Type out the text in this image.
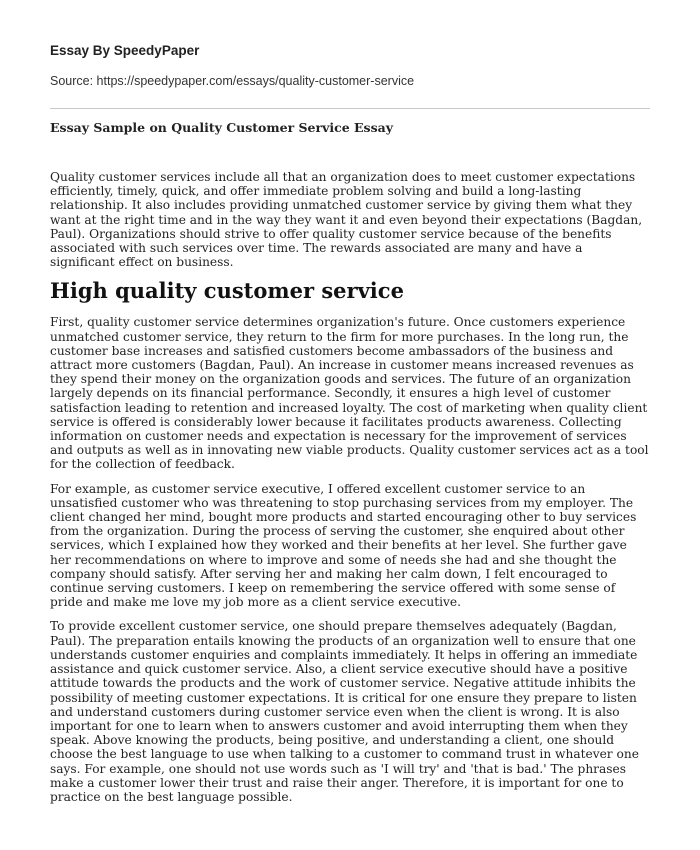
Essay By SpeedyPaper
Source: https://speedypaper.com/essays/quality-customer-service
Essay Sample on Quality Customer Service Essay

Quality customer services include all that an organization does to meet customer expectations efficiently, timely, quick, and offer immediate problem solving and build a long-lasting relationship. It also includes providing unmatched customer service by giving them what they want at the right time and in the way they want it and even beyond their expectations (Bagdan, Paul). Organizations should strive to offer quality customer service because of the benefits associated with such services over time. The rewards associated are many and have a significant effect on business.

High quality customer service

First, quality customer service determines organization's future. Once customers experience unmatched customer service, they return to the firm for more purchases. In the long run, the customer base increases and satisfied customers become ambassadors of the business and attract more customers (Bagdan, Paul). An increase in customer means increased revenues as they spend their money on the organization goods and services. The future of an organization largely depends on its financial performance. Secondly, it ensures a high level of customer satisfaction leading to retention and increased loyalty. The cost of marketing when quality client service is offered is considerably lower because it facilitates products awareness. Collecting information on customer needs and expectation is necessary for the improvement of services and outputs as well as in innovating new viable products. Quality customer services act as a tool for the collection of feedback.

For example, as customer service executive, I offered excellent customer service to an unsatisfied customer who was threatening to stop purchasing services from my employer. The client changed her mind, bought more products and started encouraging other to buy services from the organization. During the process of serving the customer, she enquired about other services, which I explained how they worked and their benefits at her level. She further gave her recommendations on where to improve and some of needs she had and she thought the company should satisfy. After serving her and making her calm down, I felt encouraged to continue serving customers. I keep on remembering the service offered with some sense of pride and make me love my job more as a client service executive.

To provide excellent customer service, one should prepare themselves adequately (Bagdan, Paul). The preparation entails knowing the products of an organization well to ensure that one understands customer enquiries and complaints immediately. It helps in offering an immediate assistance and quick customer service. Also, a client service executive should have a positive attitude towards the products and the work of customer service. Negative attitude inhibits the possibility of meeting customer expectations. It is critical for one ensure they prepare to listen and understand customers during customer service even when the client is wrong. It is also important for one to learn when to answers customer and avoid interrupting them when they speak. Above knowing the products, being positive, and understanding a client, one should choose the best language to use when talking to a customer to command trust in whatever one says. For example, one should not use words such as 'I will try' and 'that is bad.' The phrases make a customer lower their trust and raise their anger. Therefore, it is important for one to practice on the best language possible.
